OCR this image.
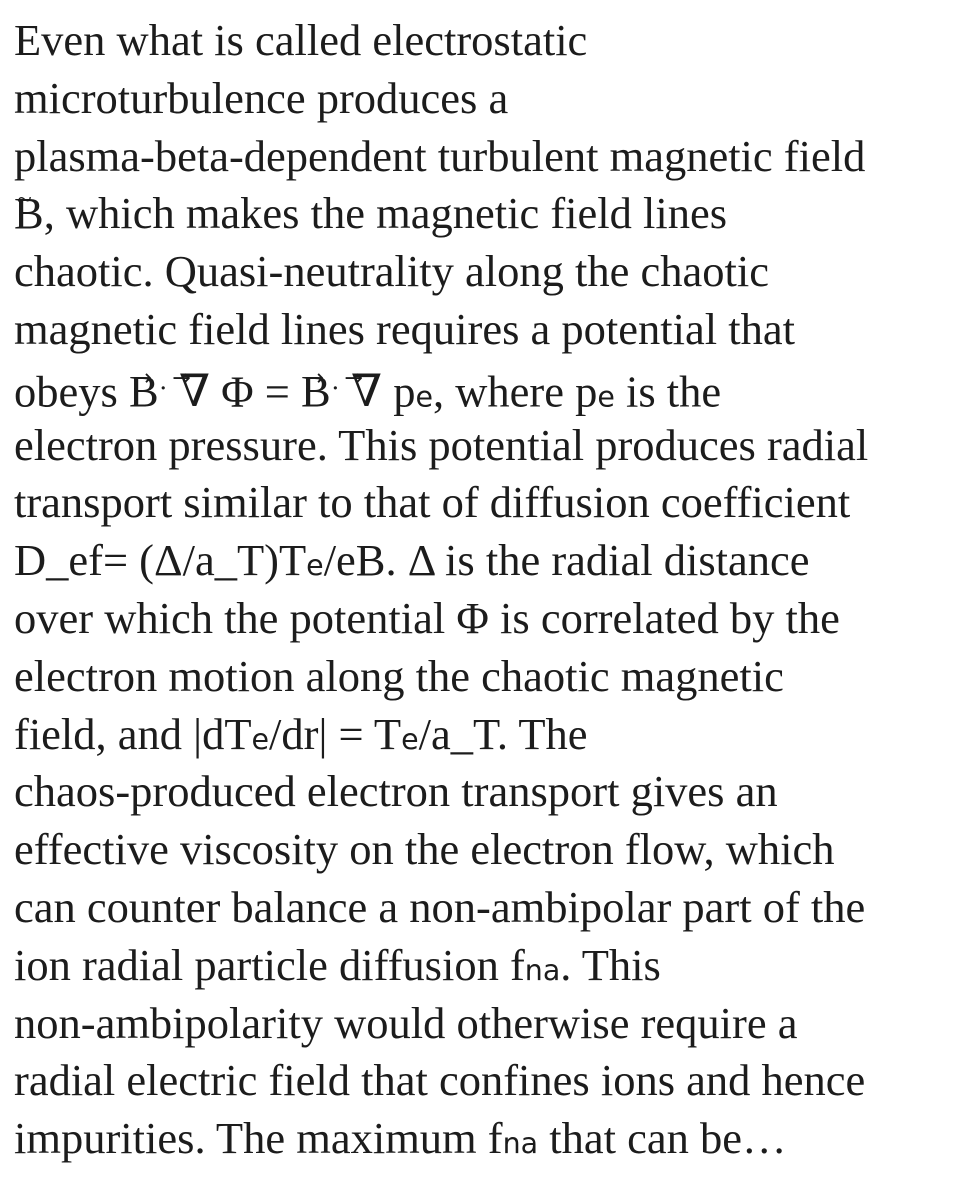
Even what is called electrostatic
microturbulence produces a
plasma-beta-dependent turbulent magnetic field
B ~, which makes the magnetic field lines
chaotic. Quasi-neutrality along the chaotic
magnetic field lines requires a potential that
obeys B →· ∇ → Φ = B →· ∇ → pe, where pe is the
electron pressure. This potential produces radial
transport similar to that of diffusion coefficient
D_ef= (Δ/a_T)Te/eB. Δ is the radial distance
over which the potential Φ is correlated by the
electron motion along the chaotic magnetic
field, and |dTe/dr| = Te/a_T. The
chaos-produced electron transport gives an
effective viscosity on the electron flow, which
can counter balance a non-ambipolar part of the
ion radial particle diffusion fna. This
non-ambipolarity would otherwise require a
radial electric field that confines ions and hence
impurities. The maximum fna that can be…
